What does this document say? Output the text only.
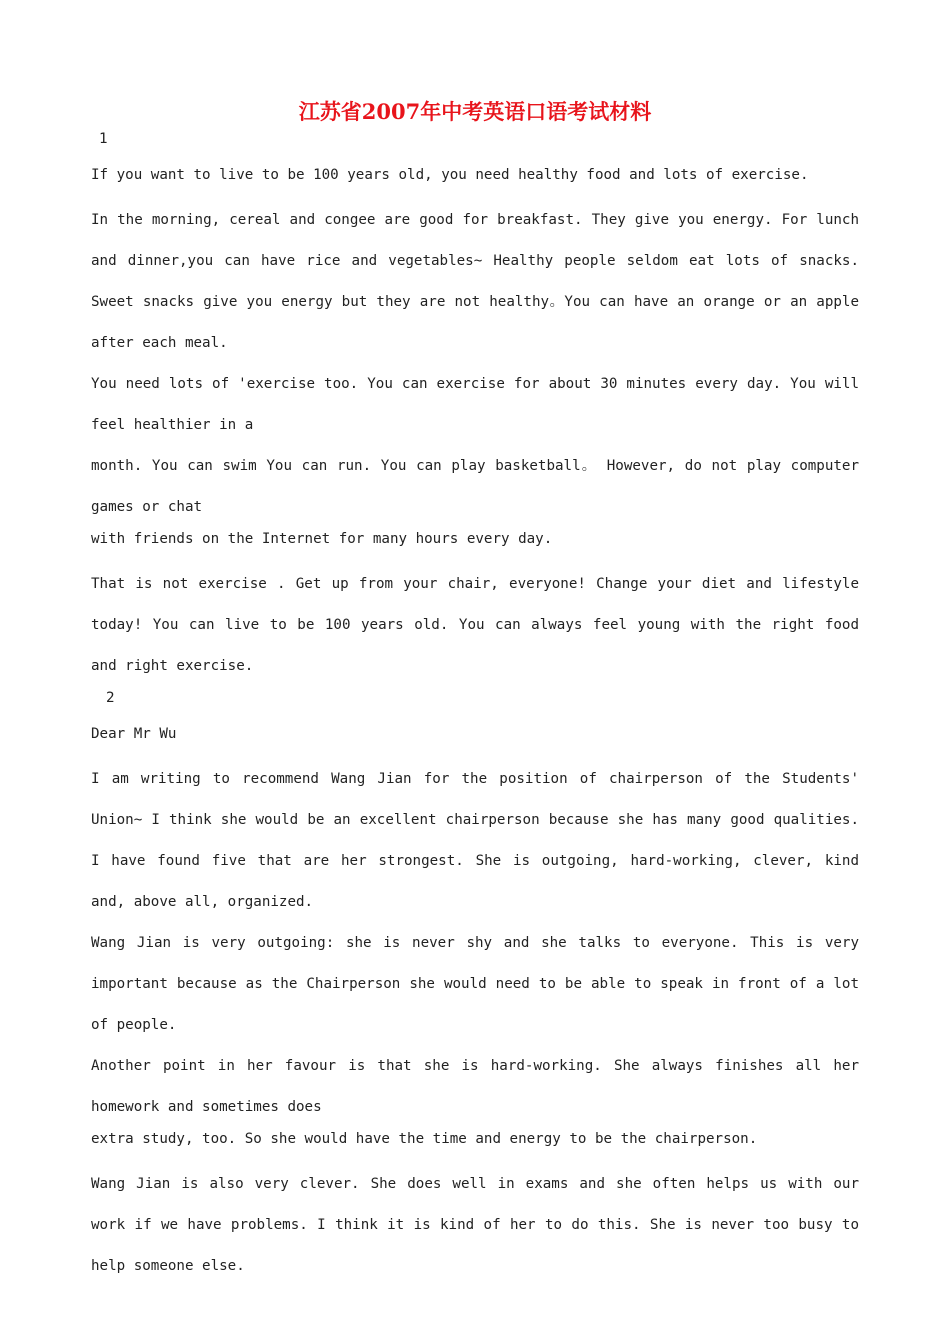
江苏省2007年中考英语口语考试材料

1

If you want to live to be 100 years old, you need healthy food and lots of exercise.

In the morning, cereal and congee are good for breakfast. They give you energy. For lunch and dinner,you can have rice and vegetables~ Healthy people seldom eat lots of snacks. Sweet snacks give you energy but they are not healthy。You can have an orange or an apple after each meal.

You need lots of 'exercise too. You can exercise for about 30 minutes every day. You will feel healthier in a

month. You can swim You can run. You can play basketball。 However, do not play computer games or chat

with friends on the Internet for many hours every day.

That is not exercise . Get up from your chair, everyone! Change your diet and lifestyle today! You can live to be 100 years old. You can always feel young with the right food and right exercise.

2

Dear Mr Wu

I am writing to recommend Wang Jian for the position of chairperson of the Students' Union~ I think she would be an excellent chairperson because she has many good qualities. I have found five that are her strongest. She is outgoing, hard-working, clever, kind and, above all, organized.

Wang Jian is very outgoing: she is never shy and she talks to everyone. This is very important because as the Chairperson she would need to be able to speak in front of a lot of people.

Another point in her favour is that she is hard-working. She always finishes all her homework and sometimes does

extra study, too. So she would have the time and energy to be the chairperson.

Wang Jian is also very clever. She does well in exams and she often helps us with our work if we have problems. I think it is kind of her to do this. She is never too busy to help someone else.
